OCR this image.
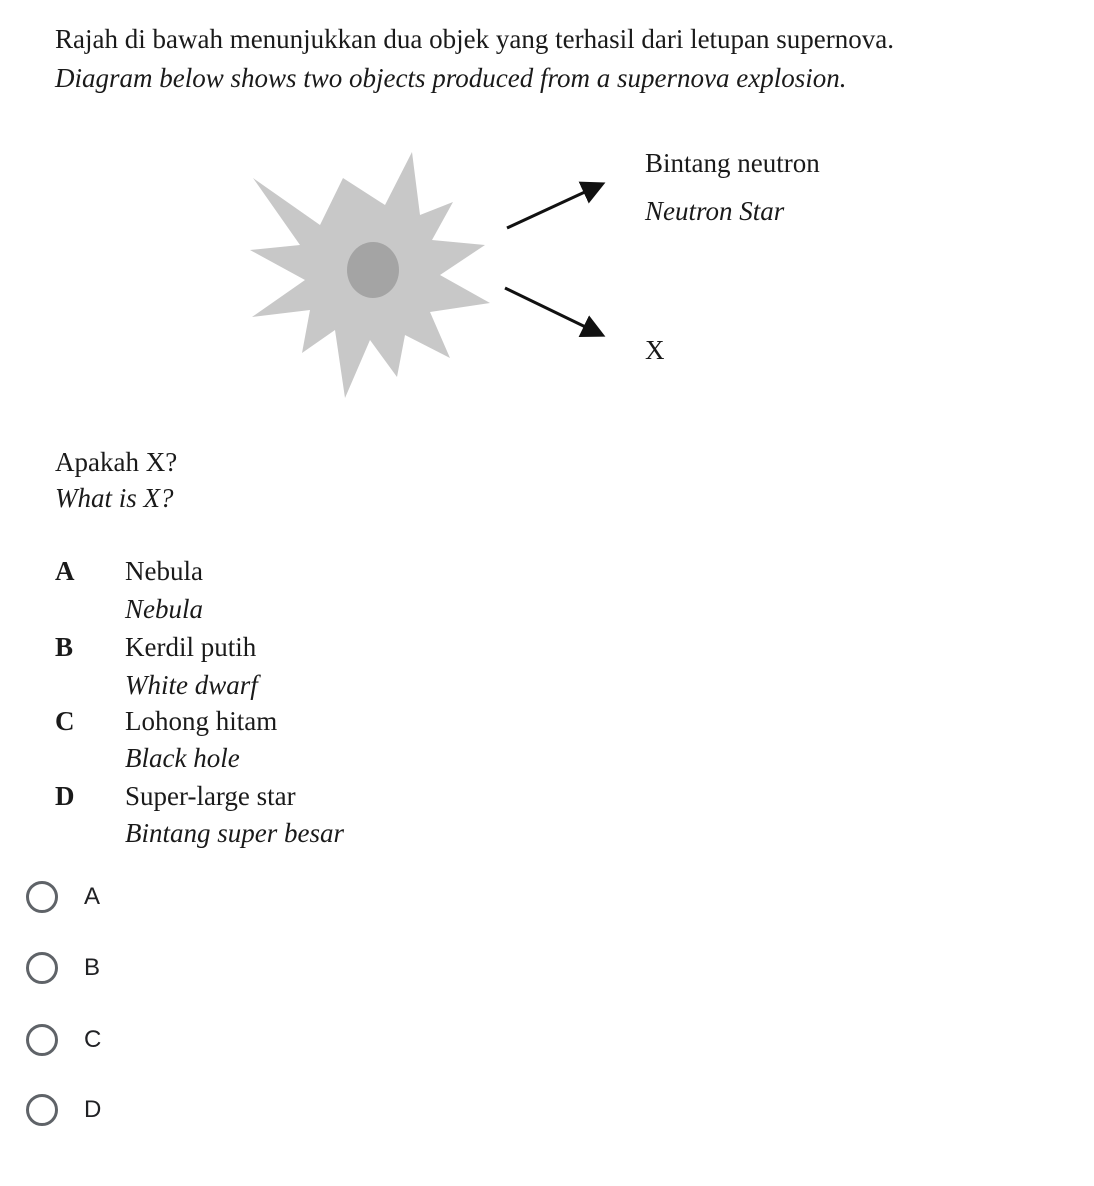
Rajah di bawah menunjukkan dua objek yang terhasil dari letupan supernova.
Diagram below shows two objects produced from a supernova explosion.
Bintang neutron
Neutron Star
X
Apakah X?
What is X?
A Nebula
Nebula
B Kerdil putih
White dwarf
C Lohong hitam
Black hole
D Super-large star
Bintang super besar
A
B
C
D
